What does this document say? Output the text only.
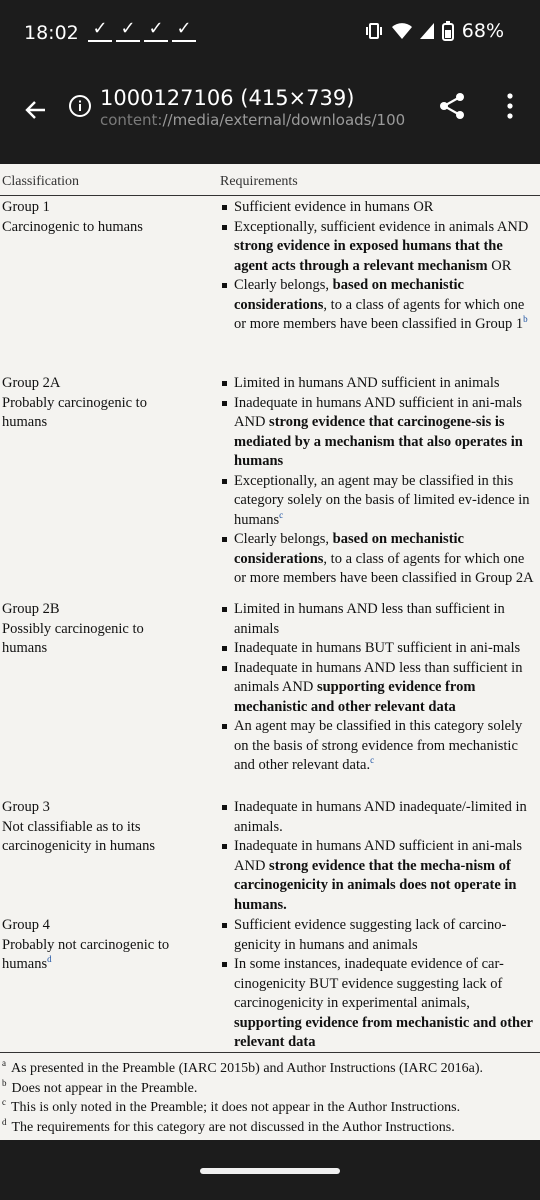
18:02 ✓ ✓ ✓ ✓	68%
1000127106 (415×739)
content://media/external/downloads/100
Classification	Requirements
Group 1
Carcinogenic to humans
Sufficient evidence in humans OR
Exceptionally, sufficient evidence in animals AND strong evidence in exposed humans that the agent acts through a relevant mechanism OR
Clearly belongs, based on mechanistic considerations, to a class of agents for which one or more members have been classified in Group 1$^b$
Group 2A
Probably carcinogenic to
humans
Limited in humans AND sufficient in animals
Inadequate in humans AND sufficient in ani-mals AND strong evidence that carcinogene-sis is mediated by a mechanism that also operates in humans
Exceptionally, an agent may be classified in this category solely on the basis of limited ev-idence in humans$^c$
Clearly belongs, based on mechanistic considerations, to a class of agents for which one or more members have been classified in Group 2A
Group 2B
Possibly carcinogenic to
humans
Limited in humans AND less than sufficient in animals
Inadequate in humans BUT sufficient in ani-mals
Inadequate in humans AND less than sufficient in animals AND supporting evidence from mechanistic and other relevant data
An agent may be classified in this category solely on the basis of strong evidence from mechanistic and other relevant data.$^c$
Group 3
Not classifiable as to its
carcinogenicity in humans
Inadequate in humans AND inadequate/-limited in animals.
Inadequate in humans AND sufficient in ani-mals AND strong evidence that the mecha-nism of carcinogenicity in animals does not operate in humans.
Group 4
Probably not carcinogenic to
humans$^d$
Sufficient evidence suggesting lack of carcino-genicity in humans and animals
In some instances, inadequate evidence of car-cinogenicity BUT evidence suggesting lack of carcinogenicity in experimental animals, supporting evidence from mechanistic and other relevant data
$^a$ As presented in the Preamble (IARC 2015b) and Author Instructions (IARC 2016a).
$^b$ Does not appear in the Preamble.
$^c$ This is only noted in the Preamble; it does not appear in the Author Instructions.
$^d$ The requirements for this category are not discussed in the Author Instructions.
